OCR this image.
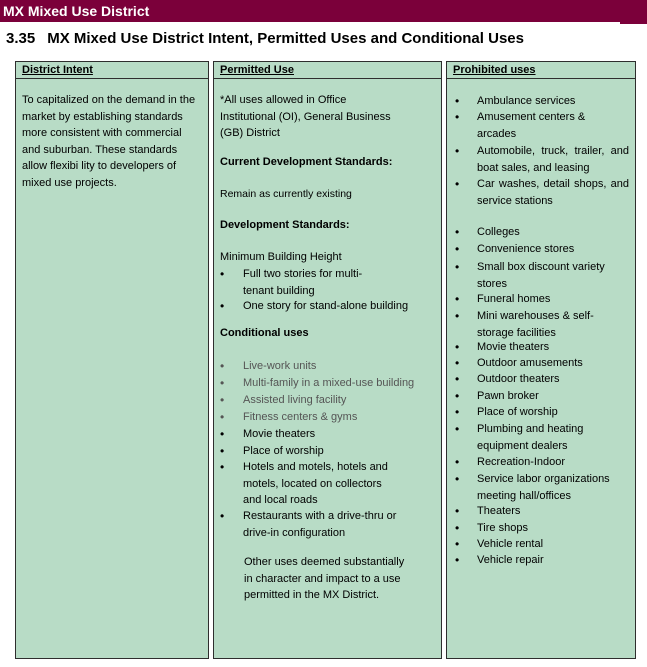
MX Mixed Use District
3.35 MX Mixed Use District Intent, Permitted Uses and Conditional Uses
District Intent
To capitalized on the demand in the market by establishing standards more consistent with commercial and suburban. These standards allow flexibi lity to developers of mixed use projects.
Permitted Use
*All uses allowed in Office Institutional (OI), General Business (GB) District
Current Development Standards:
Remain as currently existing
Development Standards:
Minimum Building Height
• Full two stories for multi-tenant building
• One story for stand-alone building
Conditional uses
• Live-work units
• Multi-family in a mixed-use building
• Assisted living facility
• Fitness centers & gyms
• Movie theaters
• Place of worship
• Hotels and motels, hotels and motels, located on collectors and local roads
• Restaurants with a drive-thru or drive-in configuration
Other uses deemed substantially in character and impact to a use permitted in the MX District.
Prohibited uses
• Ambulance services
• Amusement centers & arcades
• Automobile, truck, trailer, and boat sales, and leasing
• Car washes, detail shops, and service stations
• Colleges
• Convenience stores
• Small box discount variety stores
• Funeral homes
• Mini warehouses & self-storage facilities
• Movie theaters
• Outdoor amusements
• Outdoor theaters
• Pawn broker
• Place of worship
• Plumbing and heating equipment dealers
• Recreation-Indoor
• Service labor organizations meeting hall/offices
• Theaters
• Tire shops
• Vehicle rental
• Vehicle repair
